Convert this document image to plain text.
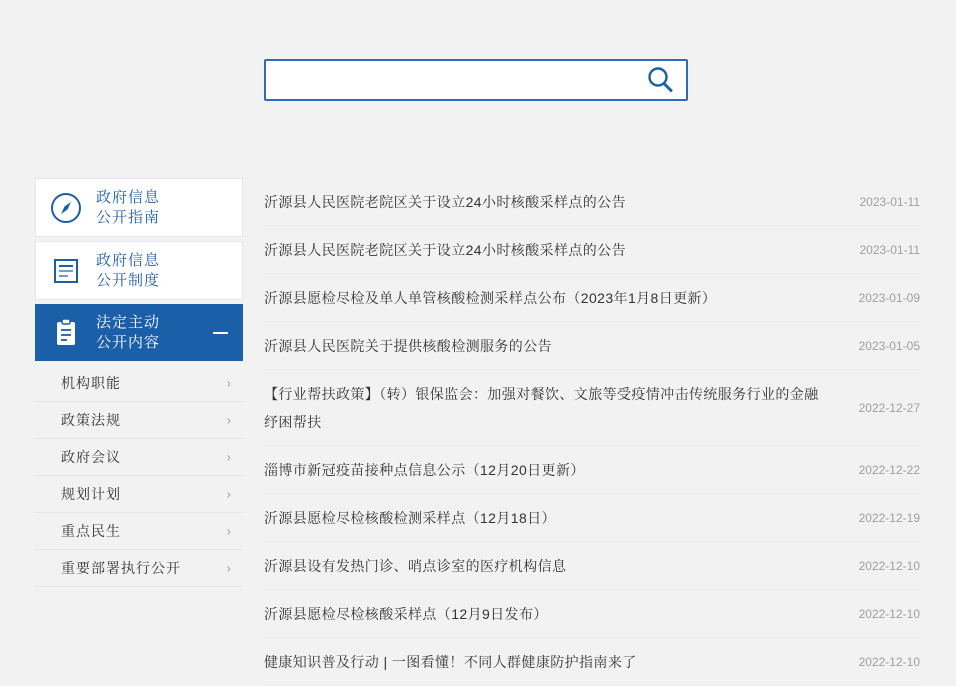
政府信息
公开指南
政府信息
公开制度
法定主动
公开内容
机构职能	›
政策法规	›
政府会议	›
规划计划	›
重点民生	›
重要部署执行公开	›
沂源县人民医院老院区关于设立24小时核酸采样点的公告	2023-01-11
沂源县人民医院老院区关于设立24小时核酸采样点的公告	2023-01-11
沂源县愿检尽检及单人单管核酸检测采样点公布（2023年1月8日更新）	2023-01-09
沂源县人民医院关于提供核酸检测服务的公告	2023-01-05
【行业帮扶政策】（转）银保监会：加强对餐饮、文旅等受疫情冲击传统服务行业的金融纾困帮扶
2022-12-27
淄博市新冠疫苗接种点信息公示（12月20日更新）	2022-12-22
沂源县愿检尽检核酸检测采样点（12月18日）	2022-12-19
沂源县设有发热门诊、哨点诊室的医疗机构信息	2022-12-10
沂源县愿检尽检核酸采样点（12月9日发布）	2022-12-10
健康知识普及行动 | 一图看懂！不同人群健康防护指南来了	2022-12-10
